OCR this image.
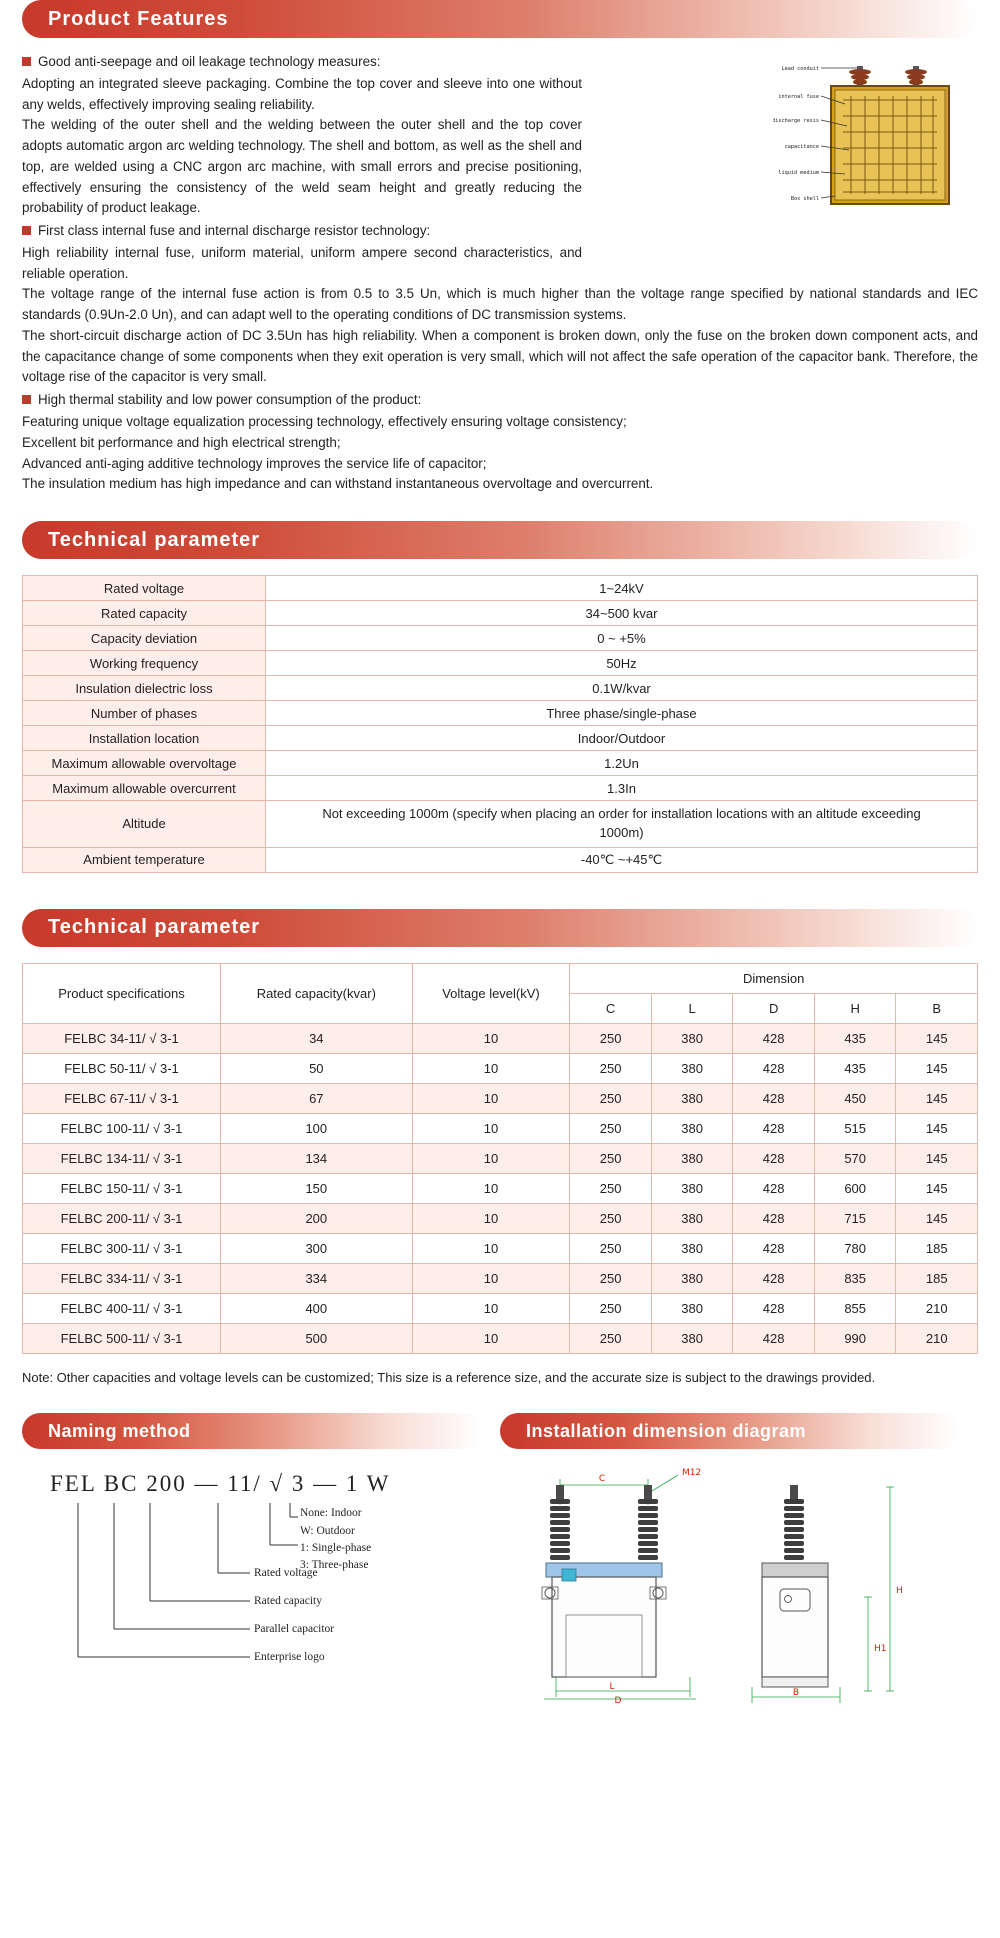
Product Features
Lead conduit
internal fuse
discharge resis
capacitance
liquid medium
Box shell
Good anti-seepage and oil leakage technology measures:

Adopting an integrated sleeve packaging. Combine the top cover and sleeve into one without any welds, effectively improving sealing reliability.

The welding of the outer shell and the welding between the outer shell and the top cover adopts automatic argon arc welding technology. The shell and bottom, as well as the shell and top, are welded using a CNC argon arc machine, with small errors and precise positioning, effectively ensuring the consistency of the weld seam height and greatly reducing the probability of product leakage.

First class internal fuse and internal discharge resistor technology:

High reliability internal fuse, uniform material, uniform ampere second characteristics, and reliable operation.

The voltage range of the internal fuse action is from 0.5 to 3.5 Un, which is much higher than the voltage range specified by national standards and IEC standards (0.9Un-2.0 Un), and can adapt well to the operating conditions of DC transmission systems.

The short-circuit discharge action of DC 3.5Un has high reliability. When a component is broken down, only the fuse on the broken down component acts, and the capacitance change of some components when they exit operation is very small, which will not affect the safe operation of the capacitor bank. Therefore, the voltage rise of the capacitor is very small.

High thermal stability and low power consumption of the product:

Featuring unique voltage equalization processing technology, effectively ensuring voltage consistency;

Excellent bit performance and high electrical strength;

Advanced anti-aging additive technology improves the service life of capacitor;

The insulation medium has high impedance and can withstand instantaneous overvoltage and overcurrent.

Technical parameter
Rated voltage	1~24kV
Rated capacity	34~500 kvar
Capacity deviation	0 ~ +5%
Working frequency	50Hz
Insulation dielectric loss	0.1W/kvar
Number of phases	Three phase/single-phase
Installation location	Indoor/Outdoor
Maximum allowable overvoltage	1.2Un
Maximum allowable overcurrent	1.3In
Altitude	Not exceeding 1000m (specify when placing an order for installation locations with an altitude exceeding 1000m)
Ambient temperature	-40℃ ~+45℃
Technical parameter
Product specifications	Rated capacity(kvar)	Voltage level(kV)	Dimension				
			C	L	D	H	B
FELBC 34-11/ √ 3-1	34	10	250	380	428	435	145
FELBC 50-11/ √ 3-1	50	10	250	380	428	435	145
FELBC 67-11/ √ 3-1	67	10	250	380	428	450	145
FELBC 100-11/ √ 3-1	100	10	250	380	428	515	145
FELBC 134-11/ √ 3-1	134	10	250	380	428	570	145
FELBC 150-11/ √ 3-1	150	10	250	380	428	600	145
FELBC 200-11/ √ 3-1	200	10	250	380	428	715	145
FELBC 300-11/ √ 3-1	300	10	250	380	428	780	185
FELBC 334-11/ √ 3-1	334	10	250	380	428	835	185
FELBC 400-11/ √ 3-1	400	10	250	380	428	855	210
FELBC 500-11/ √ 3-1	500	10	250	380	428	990	210
Note: Other capacities and voltage levels can be customized; This size is a reference size, and the accurate size is subject to the drawings provided.
Naming method
FEL BC 200 — 11/ √ 3 — 1 W
None: Indoor
W: Outdoor
1: Single-phase
3: Three-phase
Rated voltage
Rated capacity
Parallel capacitor
Enterprise logo
Installation dimension diagram
C
L
D
M12
H
H1
B
